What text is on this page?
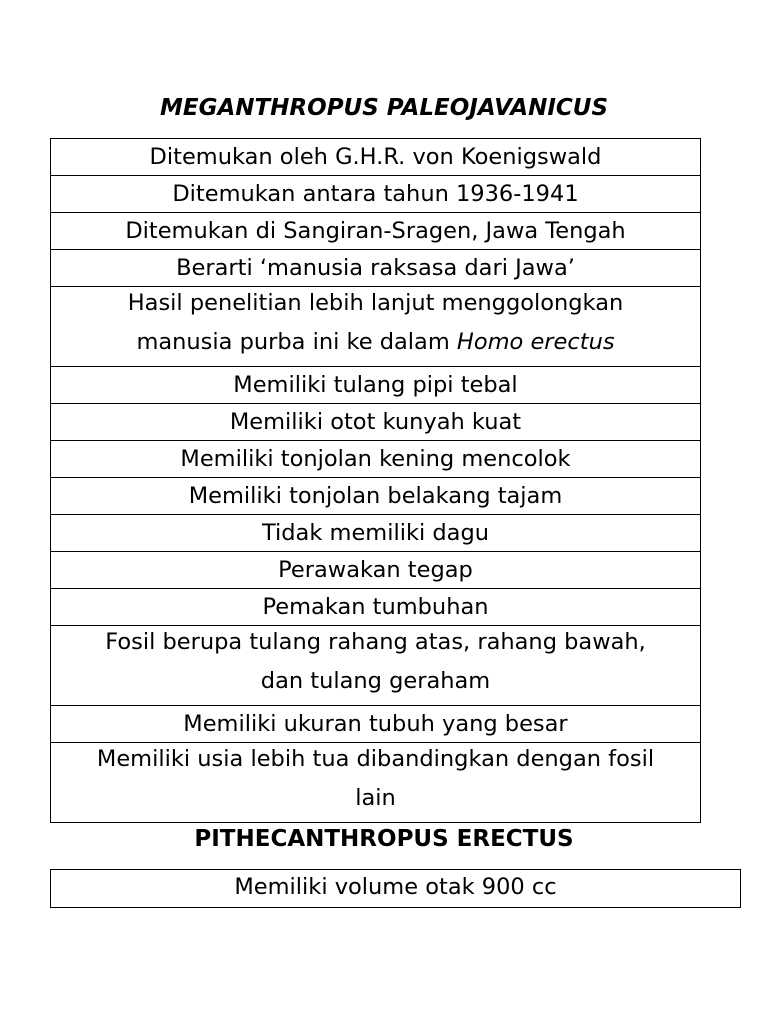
MEGANTHROPUS PALEOJAVANICUS
Ditemukan oleh G.H.R. von Koenigswald
Ditemukan antara tahun 1936-1941
Ditemukan di Sangiran-Sragen, Jawa Tengah
Berarti ‘manusia raksasa dari Jawa’

Hasil penelitian lebih lanjut menggolongkan
manusia purba ini ke dalam Homo erectus

Memiliki tulang pipi tebal
Memiliki otot kunyah kuat
Memiliki tonjolan kening mencolok
Memiliki tonjolan belakang tajam
Tidak memiliki dagu
Perawakan tegap
Pemakan tumbuhan

Fosil berupa tulang rahang atas, rahang bawah,
dan tulang geraham

Memiliki ukuran tubuh yang besar

Memiliki usia lebih tua dibandingkan dengan fosil
lain
PITHECANTHROPUS ERECTUS
Memiliki volume otak 900 cc
